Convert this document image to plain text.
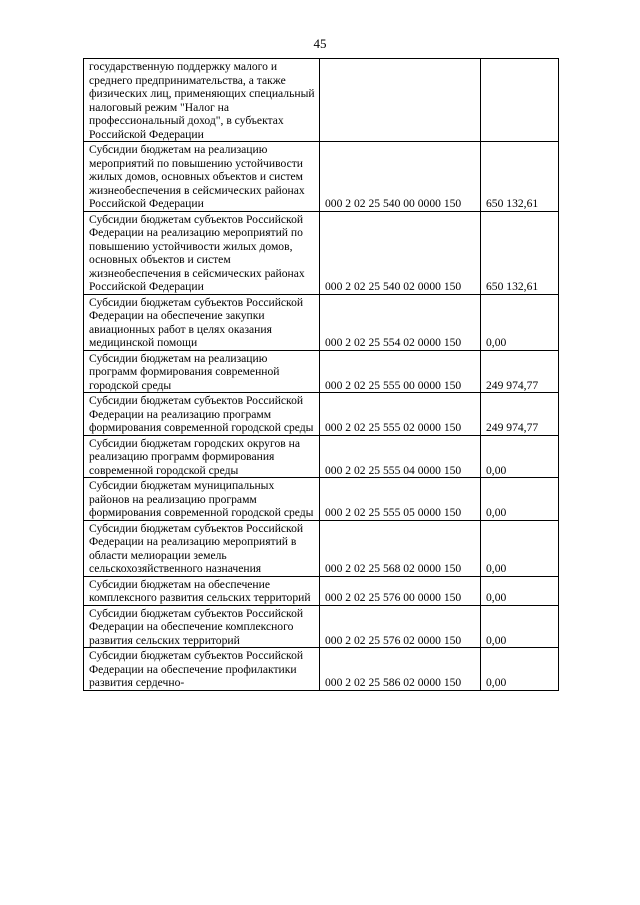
45
государственную поддержку малого и среднего предпринимательства, а также физических лиц, применяющих специальный налоговый режим "Налог на профессиональный доход", в субъектах Российской Федерации		
Субсидии бюджетам на реализацию мероприятий по повышению устойчивости жилых домов, основных объектов и систем жизнеобеспечения в сейсмических районах Российской Федерации	000 2 02 25 540 00 0000 150	650 132,61
Субсидии бюджетам субъектов Российской Федерации на реализацию мероприятий по повышению устойчивости жилых домов, основных объектов и систем жизнеобеспечения в сейсмических районах Российской Федерации	000 2 02 25 540 02 0000 150	650 132,61
Субсидии бюджетам субъектов Российской Федерации на обеспечение закупки авиационных работ в целях оказания медицинской помощи	000 2 02 25 554 02 0000 150	0,00
Субсидии бюджетам на реализацию программ формирования современной городской среды	000 2 02 25 555 00 0000 150	249 974,77
Субсидии бюджетам субъектов Российской Федерации на реализацию программ формирования современной городской среды	000 2 02 25 555 02 0000 150	249 974,77
Субсидии бюджетам городских округов на реализацию программ формирования современной городской среды	000 2 02 25 555 04 0000 150	0,00
Субсидии бюджетам муниципальных районов на реализацию программ формирования современной городской среды	000 2 02 25 555 05 0000 150	0,00
Субсидии бюджетам субъектов Российской Федерации на реализацию мероприятий в области мелиорации земель сельскохозяйственного назначения	000 2 02 25 568 02 0000 150	0,00
Субсидии бюджетам на обеспечение комплексного развития сельских территорий	000 2 02 25 576 00 0000 150	0,00
Субсидии бюджетам субъектов Российской Федерации на обеспечение комплексного развития сельских территорий	000 2 02 25 576 02 0000 150	0,00
Субсидии бюджетам субъектов Российской Федерации на обеспечение профилактики развития сердечно-	000 2 02 25 586 02 0000 150	0,00
